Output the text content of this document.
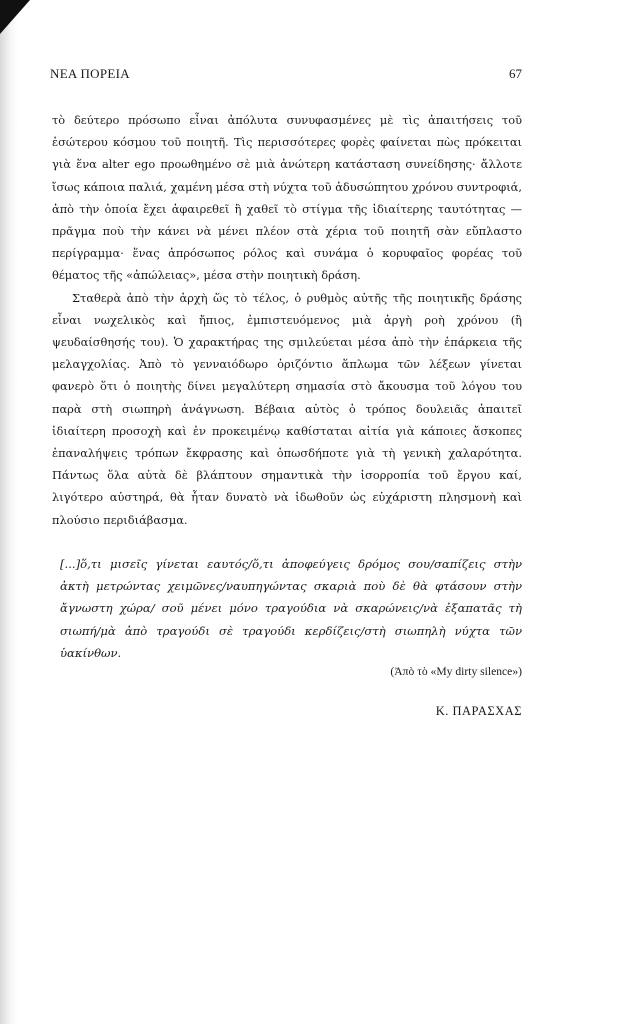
ΝΕΑ ΠΟΡΕΙΑ	67

τὸ δεύτερο πρόσωπο εἶναι ἀπόλυτα συνυφασμένες μὲ τὶς ἀπαιτήσεις τοῦ ἐσώτερου κόσμου τοῦ ποιητῆ. Τὶς περισσότερες φορὲς φαίνεται πὼς πρόκειται γιὰ ἕνα alter ego προωθημένο σὲ μιὰ ἀνώτερη κατάσταση συνείδησης· ἄλλοτε ἴσως κάποια παλιά, χαμένη μέσα στὴ νύχτα τοῦ ἀδυσώπητου χρόνου συντροφιά, ἀπὸ τὴν ὁποία ἔχει ἀφαιρεθεῖ ἢ χαθεῖ τὸ στίγμα τῆς ἰδιαίτερης ταυτότητας — πρᾶγμα ποὺ τὴν κάνει νὰ μένει πλέον στὰ χέρια τοῦ ποιητῆ σὰν εὔπλαστο περίγραμμα· ἕνας ἀπρόσωπος ρόλος καὶ συνάμα ὁ κορυφαῖος φορέας τοῦ θέματος τῆς «ἀπώλειας», μέσα στὴν ποιητικὴ δράση.

Σταθερὰ ἀπὸ τὴν ἀρχὴ ὥς τὸ τέλος, ὁ ρυθμὸς αὐτῆς τῆς ποιητικῆς δράσης εἶναι νωχελικὸς καὶ ἤπιος, ἐμπιστευόμενος μιὰ ἀργὴ ροὴ χρόνου (ἢ ψευδαίσθησής του). Ὁ χαρακτήρας της σμιλεύεται μέσα ἀπὸ τὴν ἐπάρκεια τῆς μελαγχολίας. Ἀπὸ τὸ γενναιόδωρο ὁριζόντιο ἅπλωμα τῶν λέξεων γίνεται φανερὸ ὅτι ὁ ποιητὴς δίνει μεγαλύτερη σημασία στὸ ἄκουσμα τοῦ λόγου του παρὰ στὴ σιωπηρὴ ἀνάγνωση. Βέβαια αὐτὸς ὁ τρόπος δουλειᾶς ἀπαιτεῖ ἰδιαίτερη προσοχὴ καὶ ἐν προκειμένῳ καθίσταται αἰτία γιὰ κάποιες ἄσκοπες ἐπαναλήψεις τρόπων ἔκφρασης καὶ ὁπωσδήποτε γιὰ τὴ γενικὴ χαλαρότητα. Πάντως ὅλα αὐτὰ δὲ βλάπτουν σημαντικὰ τὴν ἰσορροπία τοῦ ἔργου καί, λιγότερο αὐστηρά, θὰ ἦταν δυνατὸ νὰ ἰδωθοῦν ὡς εὐχάριστη πλησμονὴ καὶ πλούσιο περιδιάβασμα.

[...]ὅ,τι μισεῖς γίνεται εαυτός/ὅ,τι ἀποφεύγεις δρόμος σου/σαπίζεις στὴν ἀκτὴ μετρώντας χειμῶνες/ναυπηγώντας σκαριὰ ποὺ δὲ θὰ φτάσουν στὴν ἄγνωστη χώρα/ σοῦ μένει μόνο τραγούδια νὰ σκαρώνεις/νὰ ἐξαπατᾶς τὴ σιωπή/μὰ ἀπὸ τραγούδι σὲ τραγούδι κερδίζεις/στὴ σιωπηλὴ νύχτα τῶν ὑακίνθων.

(Ἀπὸ τὸ «My dirty silence»)
Κ. ΠΑΡΑΣΧΑΣ
